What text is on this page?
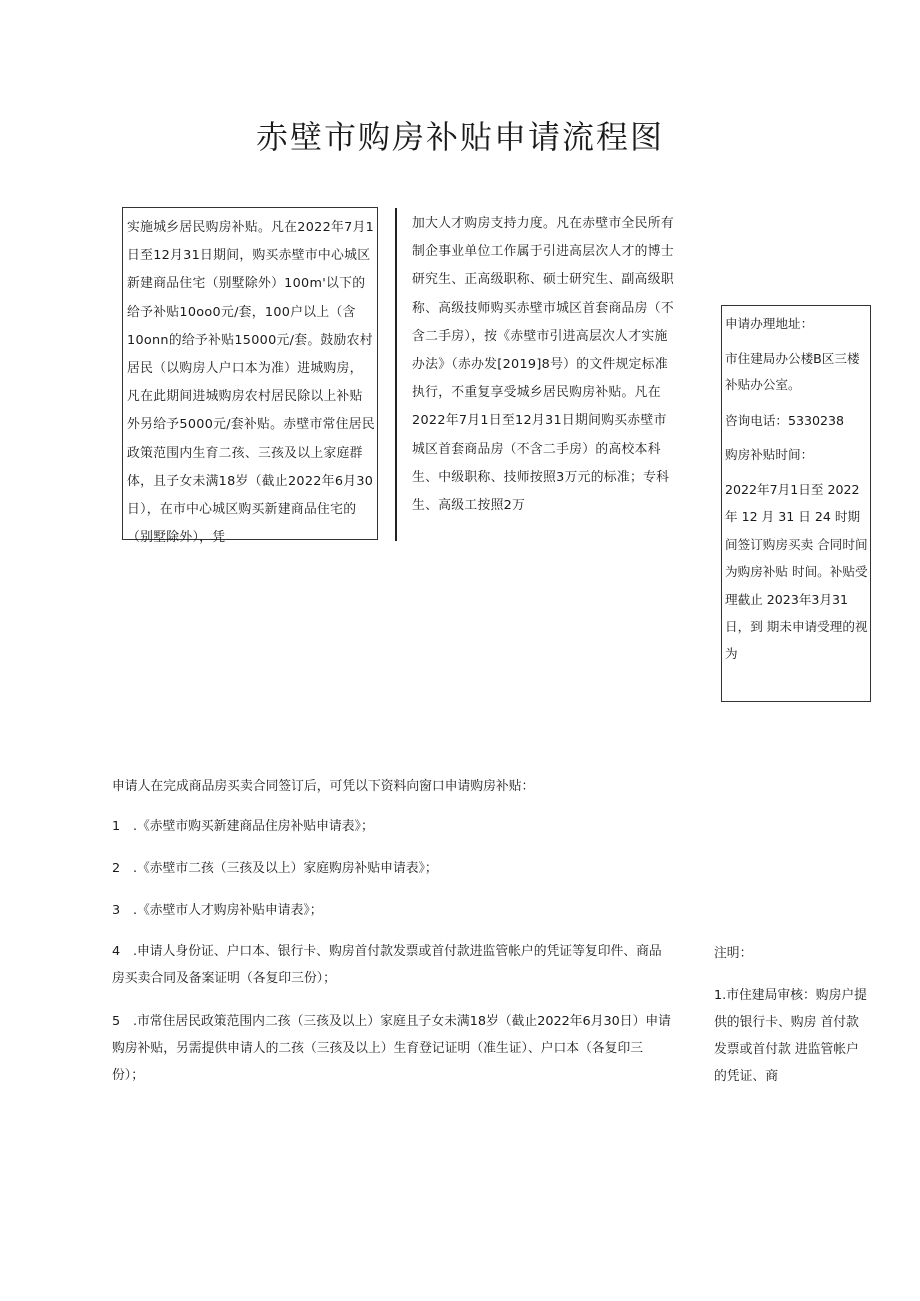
赤壁市购房补贴申请流程图
实施城乡居民购房补贴。凡在2022年7月1日至12月31日期间，购买赤壁市中心城区新建商品住宅（别墅除外）100m'以下的给予补贴10oo0元/套，100户以上（含10onn的给予补贴15000元/套。鼓励农村居民（以购房人户口本为准）进城购房，凡在此期间进城购房农村居民除以上补贴外另给予5000元/套补贴。赤壁市常住居民政策范围内生育二孩、三孩及以上家庭群体，且子女未满18岁（截止2022年6月30日），在市中心城区购买新建商品住宅的（别墅除外），凭
加大人才购房支持力度。凡在赤壁市全民所有制企事业单位工作属于引进高层次人才的博士研究生、正高级职称、硕士研究生、副高级职称、高级技师购买赤壁市城区首套商品房（不含二手房），按《赤壁市引进高层次人才实施办法》（赤办发[2019]8号）的文件规定标准执行，不重复享受城乡居民购房补贴。凡在2022年7月1日至12月31日期间购买赤壁市城区首套商品房（不含二手房）的高校本科生、中级职称、技师按照3万元的标准；专科生、高级工按照2万

申请办理地址：

市住建局办公楼B区三楼补贴办公室。

咨询电话：5330238

购房补贴时间：

2022年7月1日至 2022年 12 月 31 日 24 时期间签订购房买卖 合同时间为购房补贴 时间。补贴受理截止 2023年3月31日，到 期未申请受理的视为

申请人在完成商品房买卖合同签订后，可凭以下资料向窗口申请购房补贴：
1　.《赤壁市购买新建商品住房补贴申请表》；
2　.《赤壁市二孩（三孩及以上）家庭购房补贴申请表》；
3　.《赤壁市人才购房补贴申请表》；
4　.申请人身份证、户口本、银行卡、购房首付款发票或首付款进监管帐户的凭证等复印件、商品房买卖合同及备案证明（各复印三份）；
5　.市常住居民政策范围内二孩（三孩及以上）家庭且子女未满18岁（截止2022年6月30日）申请购房补贴，另需提供申请人的二孩（三孩及以上）生育登记证明（准生证）、户口本（各复印三份）；
注明：
1.市住建局审核：购房户提供的银行卡、购房 首付款发票或首付款 进监管帐户的凭证、商
